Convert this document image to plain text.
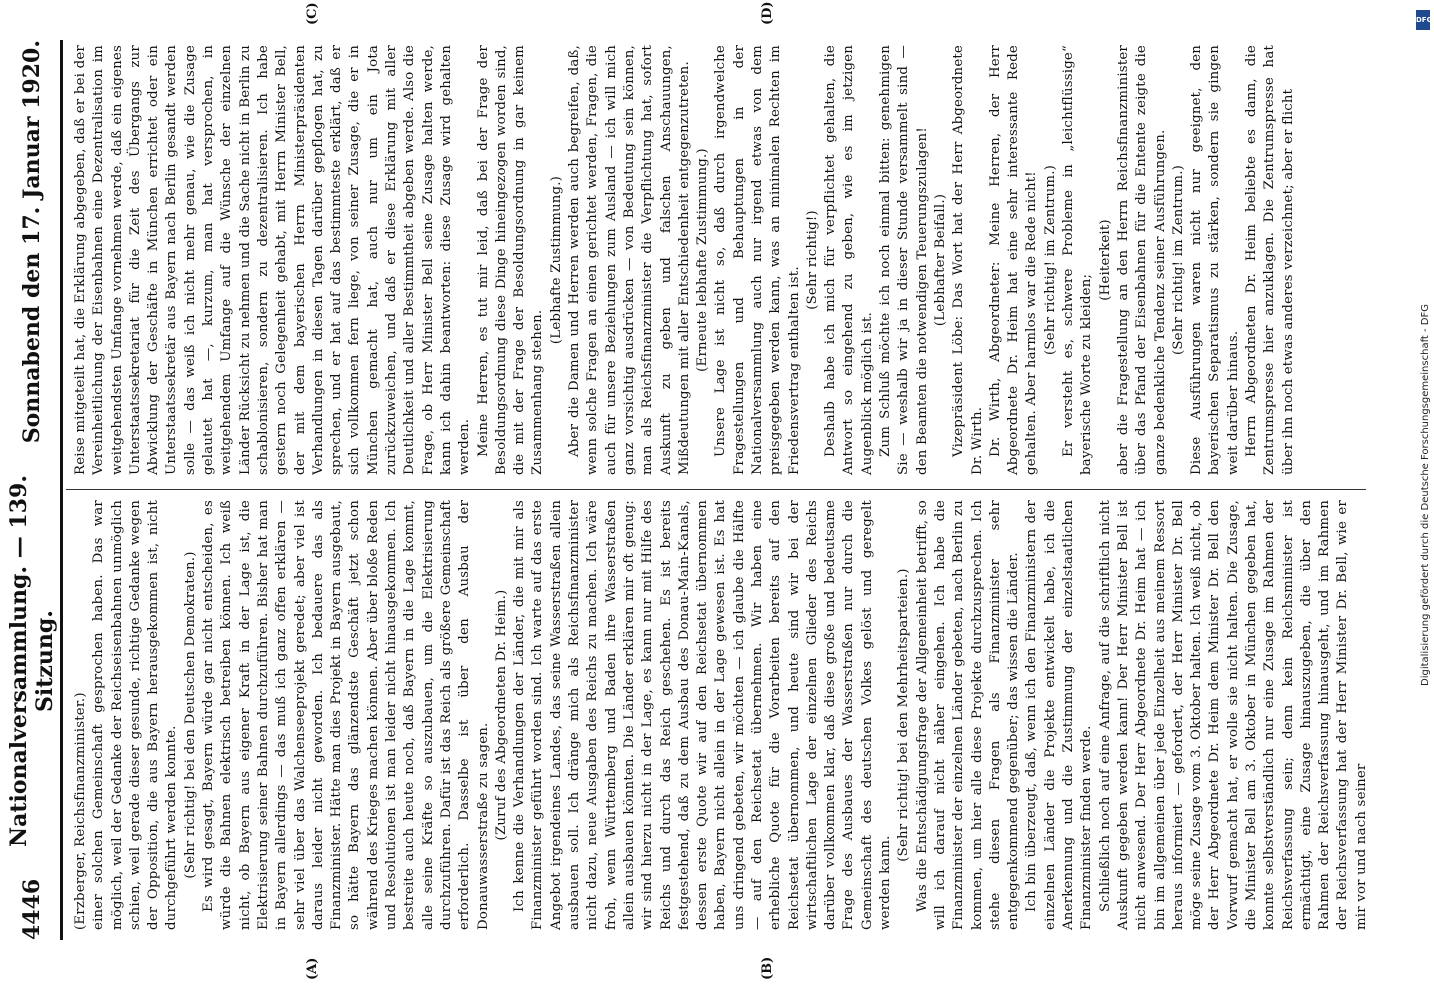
4446
Nationalversammlung. — 139. Sitzung.
Sonnabend den 17. Januar 1920.
(A)	(B)
(C)	(D)

(Erzberger, Reichsfinanzminister.) einer solchen Gemeinschaft gesprochen haben. Das war möglich, weil der Gedanke der Reichseisenbahnen unmöglich schien, weil gerade dieser gesunde, richtige Gedanke wegen der Opposition, die aus Bayern herausgekommen ist, nicht durchgeführt werden konnte. (Sehr richtig! bei den Deutschen Demokraten.) Es wird gesagt, Bayern würde gar nicht entscheiden, es würde die Bahnen elektrisch betreiben können. Ich weiß nicht, ob Bayern aus eigener Kraft in der Lage ist, die Elektrisierung seiner Bahnen durchzuführen. Bisher hat man in Bayern allerdings — das muß ich ganz offen erklären — sehr viel über das Walchenseeprojekt geredet; aber viel ist daraus leider nicht geworden. Ich bedauere das als Finanzminister. Hätte man dies Projekt in Bayern ausgebaut, so hätte Bayern das glänzendste Geschäft jetzt schon während des Krieges machen können. Aber über bloße Reden und Resolutionen ist man leider nicht hinausgekommen. Ich bestreite auch heute noch, daß Bayern in die Lage kommt, alle seine Kräfte so auszubauen, um die Elektrisierung durchzuführen. Dafür ist das Reich als größere Gemeinschaft erforderlich. Dasselbe ist über den Ausbau der Donauwasserstraße zu sagen. (Zuruf des Abgeordneten Dr. Heim.) Ich kenne die Verhandlungen der Länder, die mit mir als Finanzminister geführt worden sind. Ich warte auf das erste Angebot irgendeines Landes, das seine Wasserstraßen allein ausbauen soll. Ich dränge mich als Reichsfinanzminister nicht dazu, neue Ausgaben des Reichs zu machen. Ich wäre froh, wenn Württemberg und Baden ihre Wasserstraßen allein ausbauen könnten. Die Länder erklären mir oft genug: wir sind hierzu nicht in der Lage, es kann nur mit Hilfe des Reichs und durch das Reich geschehen. Es ist bereits festgestehend, daß zu dem Ausbau des Donau-Main-Kanals, dessen erste Quote wir auf den Reichsetat übernommen haben, Bayern nicht allein in der Lage gewesen ist. Es hat uns dringend gebeten, wir möchten — ich glaube die Hälfte — auf den Reichsetat übernehmen. Wir haben eine erhebliche Quote für die Vorarbeiten bereits auf den Reichsetat übernommen, und heute sind wir bei der wirtschaftlichen Lage der einzelnen Glieder des Reichs darüber vollkommen klar, daß diese große und bedeutsame Frage des Ausbaues der Wasserstraßen nur durch die Gemeinschaft des deutschen Volkes gelöst und geregelt werden kann.

(Sehr richtig! bei den Mehrheitsparteien.) Was die Entschädigungsfrage der Allgemeinheit betrifft, so will ich darauf nicht näher eingehen. Ich habe die Finanzminister der einzelnen Länder gebeten, nach Berlin zu kommen, um hier alle diese Projekte durchzusprechen. Ich stehe diesen Fragen als Finanzminister sehr entgegenkommend gegenüber; das wissen die Länder. Ich bin überzeugt, daß, wenn ich den Finanzministern der einzelnen Länder die Projekte entwickelt habe, ich die Anerkennung und die Zustimmung der einzelstaatlichen Finanzminister finden werde. Schließlich noch auf eine Anfrage, auf die schriftlich nicht Auskunft gegeben werden kann! Der Herr Minister Bell ist nicht anwesend. Der Herr Abgeordnete Dr. Heim hat — ich bin im allgemeinen über jede Einzelheit aus meinem Ressort heraus informiert — gefordert, der Herr Minister Dr. Bell möge seine Zusage vom 3. Oktober halten. Ich weiß nicht, ob der Herr Abgeordnete Dr. Heim dem Minister Dr. Bell den Vorwurf gemacht hat, er wolle sie nicht halten. Die Zusage, die Minister Bell am 3. Oktober in München gegeben hat, konnte selbstverständlich nur eine Zusage im Rahmen der Reichsverfassung sein; denn kein Reichsminister ist ermächtigt, eine Zusage hinauszugeben, die über den Rahmen der Reichsverfassung hinausgeht, und im Rahmen der Reichsverfassung hat der Herr Minister Dr. Bell, wie er mir vor und nach seiner

Reise mitgeteilt hat, die Erklärung abgegeben, daß er bei der Vereinheitlichung der Eisenbahnen eine Dezentralisation im weitgehendsten Umfange vornehmen werde, daß ein eigenes Unterstaatssekretariat für die Zeit des Übergangs zur Abwicklung der Geschäfte in München errichtet oder ein Unterstaatssekretär aus Bayern nach Berlin gesandt werden solle — das weiß ich nicht mehr genau, wie die Zusage gelautet hat —, kurzum, man hat versprochen, in weitgehendem Umfange auf die Wünsche der einzelnen Länder Rücksicht zu nehmen und die Sache nicht in Berlin zu schablonisieren, sondern zu dezentralisieren. Ich habe gestern noch Gelegenheit gehabt, mit Herrn Minister Bell, der mit dem bayerischen Herrn Ministerpräsidenten Verhandlungen in diesen Tagen darüber gepflogen hat, zu sprechen, und er hat auf das bestimmteste erklärt, daß er sich vollkommen fern liege, von seiner Zusage, die er in München gemacht hat, auch nur um ein Jota zurückzuweichen, und daß er diese Erklärung mit aller Deutlichkeit und aller Bestimmtheit abgeben werde. Also die Frage, ob Herr Minister Bell seine Zusage halten werde, kann ich dahin beantworten: diese Zusage wird gehalten werden. Meine Herren, es tut mir leid, daß bei der Frage der Besoldungsordnung diese Dinge hineingezogen worden sind, die mit der Frage der Besoldungsordnung in gar keinem Zusammenhang stehen.

(Lebhafte Zustimmung.) Aber die Damen und Herren werden auch begreifen, daß, wenn solche Fragen an einen gerichtet werden, Fragen, die auch für unsere Beziehungen zum Ausland — ich will mich ganz vorsichtig ausdrücken — von Bedeutung sein können, man als Reichsfinanzminister die Verpflichtung hat, sofort Auskunft zu geben und falschen Anschauungen, Mißdeutungen mit aller Entschiedenheit entgegenzutreten. (Erneute lebhafte Zustimmung.) Unsere Lage ist nicht so, daß durch irgendwelche Fragestellungen und Behauptungen in der Nationalversammlung auch nur irgend etwas von dem preisgegeben werden kann, was an minimalen Rechten im Friedensvertrag enthalten ist.

(Sehr richtig!) Deshalb habe ich mich für verpflichtet gehalten, die Antwort so eingehend zu geben, wie es im jetzigen Augenblick möglich ist. Zum Schluß möchte ich noch einmal bitten: genehmigen Sie — weshalb wir ja in dieser Stunde versammelt sind — den Beamten die notwendigen Teuerungszulagen! (Lebhafter Beifall.) Vizepräsident Löbe: Das Wort hat der Herr Abgeordnete Dr. Wirth. Dr. Wirth, Abgeordneter: Meine Herren, der Herr Abgeordnete Dr. Heim hat eine sehr interessante Rede gehalten. Aber harmlos war die Rede nicht! (Sehr richtig! im Zentrum.) Er versteht es, schwere Probleme in „leichtflüssige“ bayerische Worte zu kleiden;

(Heiterkeit) aber die Fragestellung an den Herrn Reichsfinanzminister über das Pfand der Eisenbahnen für die Entente zeigte die ganze bedenkliche Tendenz seiner Ausführungen. (Sehr richtig! im Zentrum.) Diese Ausführungen waren nicht nur geeignet, den bayerischen Separatismus zu stärken, sondern sie gingen weit darüber hinaus. Herrn Abgeordneten Dr. Heim beliebte es dann, die Zentrumspresse hier anzuklagen. Die Zentrumspresse hat über ihn noch etwas anderes verzeichnet; aber er flicht

DFG
Digitalisierung gefördert durch die Deutsche Forschungsgemeinschaft - DFG
